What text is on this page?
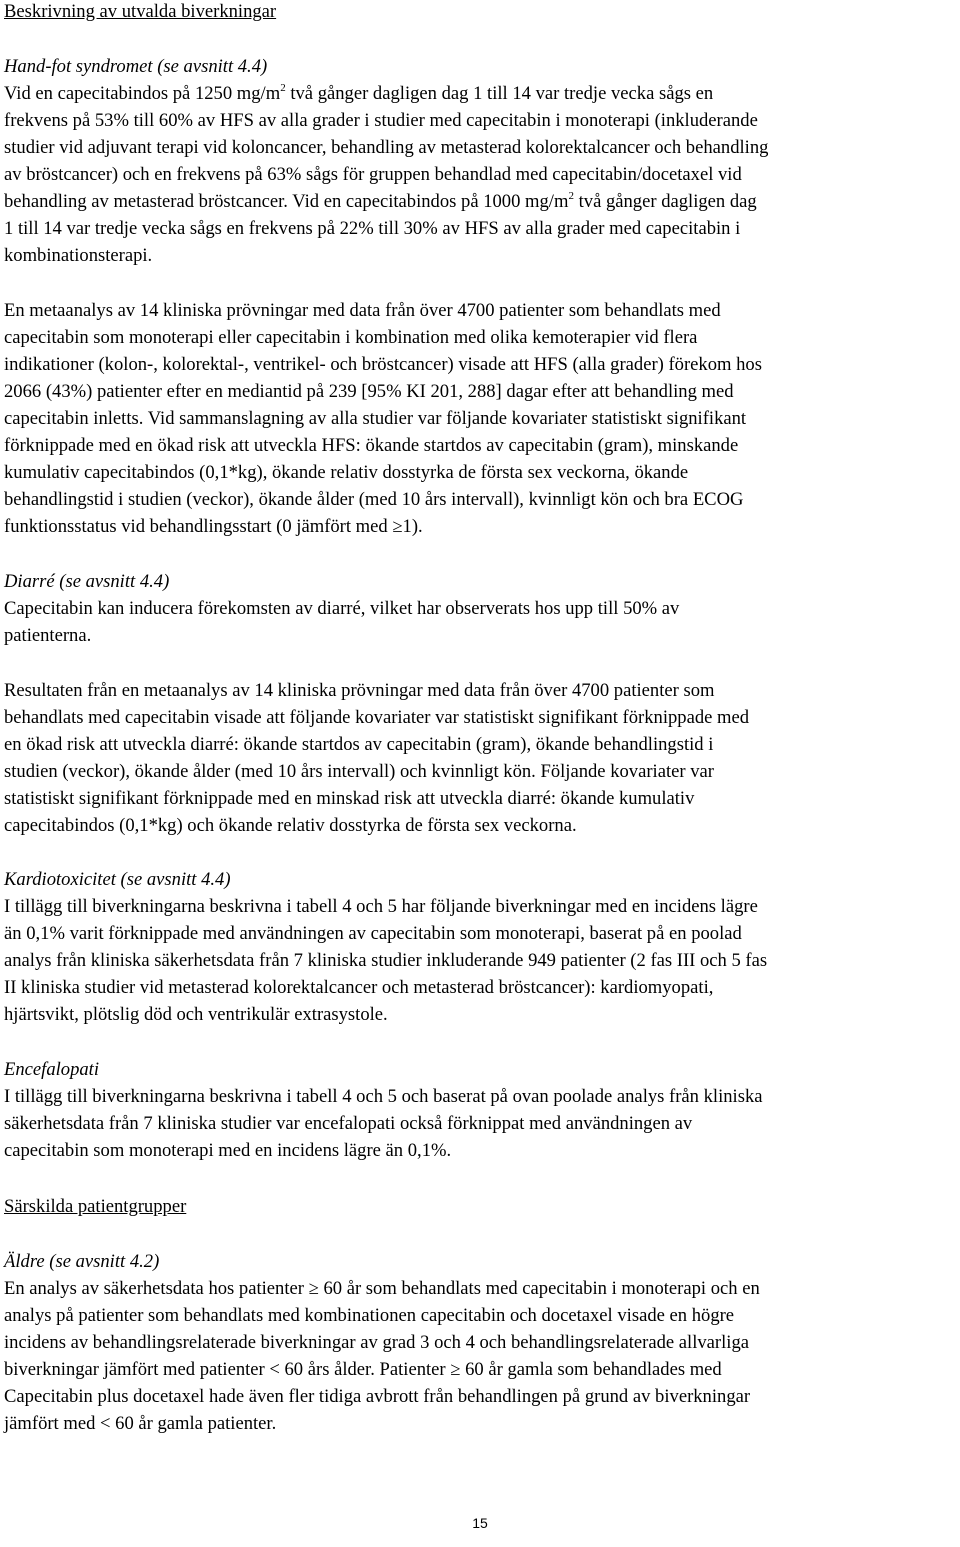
Beskrivning av utvalda biverkningar
Hand-fot syndromet (se avsnitt 4.4)
Vid en capecitabindos på 1250 $mg/m^2$ två gånger dagligen dag 1 till 14 var tredje vecka sågs en
frekvens på 53% till 60% av HFS av alla grader i studier med capecitabin i monoterapi (inkluderande
studier vid adjuvant terapi vid koloncancer, behandling av metasterad kolorektalcancer och behandling
av bröstcancer) och en frekvens på 63% sågs för gruppen behandlad med capecitabin/docetaxel vid
behandling av metasterad bröstcancer. Vid en capecitabindos på 1000 $mg/m^2$ två gånger dagligen dag
1 till 14 var tredje vecka sågs en frekvens på 22% till 30% av HFS av alla grader med capecitabin i
kombinationsterapi.
En metaanalys av 14 kliniska prövningar med data från över 4700 patienter som behandlats med
capecitabin som monoterapi eller capecitabin i kombination med olika kemoterapier vid flera
indikationer (kolon-, kolorektal-, ventrikel- och bröstcancer) visade att HFS (alla grader) förekom hos
2066 (43%) patienter efter en mediantid på 239 [95% KI 201, 288] dagar efter att behandling med
capecitabin inletts. Vid sammanslagning av alla studier var följande kovariater statistiskt signifikant
förknippade med en ökad risk att utveckla HFS: ökande startdos av capecitabin (gram), minskande
kumulativ capecitabindos (0,1*kg), ökande relativ dosstyrka de första sex veckorna, ökande
behandlingstid i studien (veckor), ökande ålder (med 10 års intervall), kvinnligt kön och bra ECOG
funktionsstatus vid behandlingsstart (0 jämfört med ≥1).
Diarré (se avsnitt 4.4)
Capecitabin kan inducera förekomsten av diarré, vilket har observerats hos upp till 50% av
patienterna.
Resultaten från en metaanalys av 14 kliniska prövningar med data från över 4700 patienter som
behandlats med capecitabin visade att följande kovariater var statistiskt signifikant förknippade med
en ökad risk att utveckla diarré: ökande startdos av capecitabin (gram), ökande behandlingstid i
studien (veckor), ökande ålder (med 10 års intervall) och kvinnligt kön. Följande kovariater var
statistiskt signifikant förknippade med en minskad risk att utveckla diarré: ökande kumulativ
capecitabindos (0,1*kg) och ökande relativ dosstyrka de första sex veckorna.
Kardiotoxicitet (se avsnitt 4.4)
I tillägg till biverkningarna beskrivna i tabell 4 och 5 har följande biverkningar med en incidens lägre
än 0,1% varit förknippade med användningen av capecitabin som monoterapi, baserat på en poolad
analys från kliniska säkerhetsdata från 7 kliniska studier inkluderande 949 patienter (2 fas III och 5 fas
II kliniska studier vid metasterad kolorektalcancer och metasterad bröstcancer): kardiomyopati,
hjärtsvikt, plötslig död och ventrikulär extrasystole.
Encefalopati
I tillägg till biverkningarna beskrivna i tabell 4 och 5 och baserat på ovan poolade analys från kliniska
säkerhetsdata från 7 kliniska studier var encefalopati också förknippat med användningen av
capecitabin som monoterapi med en incidens lägre än 0,1%.
Särskilda patientgrupper
Äldre (se avsnitt 4.2)
En analys av säkerhetsdata hos patienter ≥ 60 år som behandlats med capecitabin i monoterapi och en
analys på patienter som behandlats med kombinationen capecitabin och docetaxel visade en högre
incidens av behandlingsrelaterade biverkningar av grad 3 och 4 och behandlingsrelaterade allvarliga
biverkningar jämfört med patienter < 60 års ålder. Patienter ≥ 60 år gamla som behandlades med
Capecitabin plus docetaxel hade även fler tidiga avbrott från behandlingen på grund av biverkningar
jämfört med < 60 år gamla patienter.
15
